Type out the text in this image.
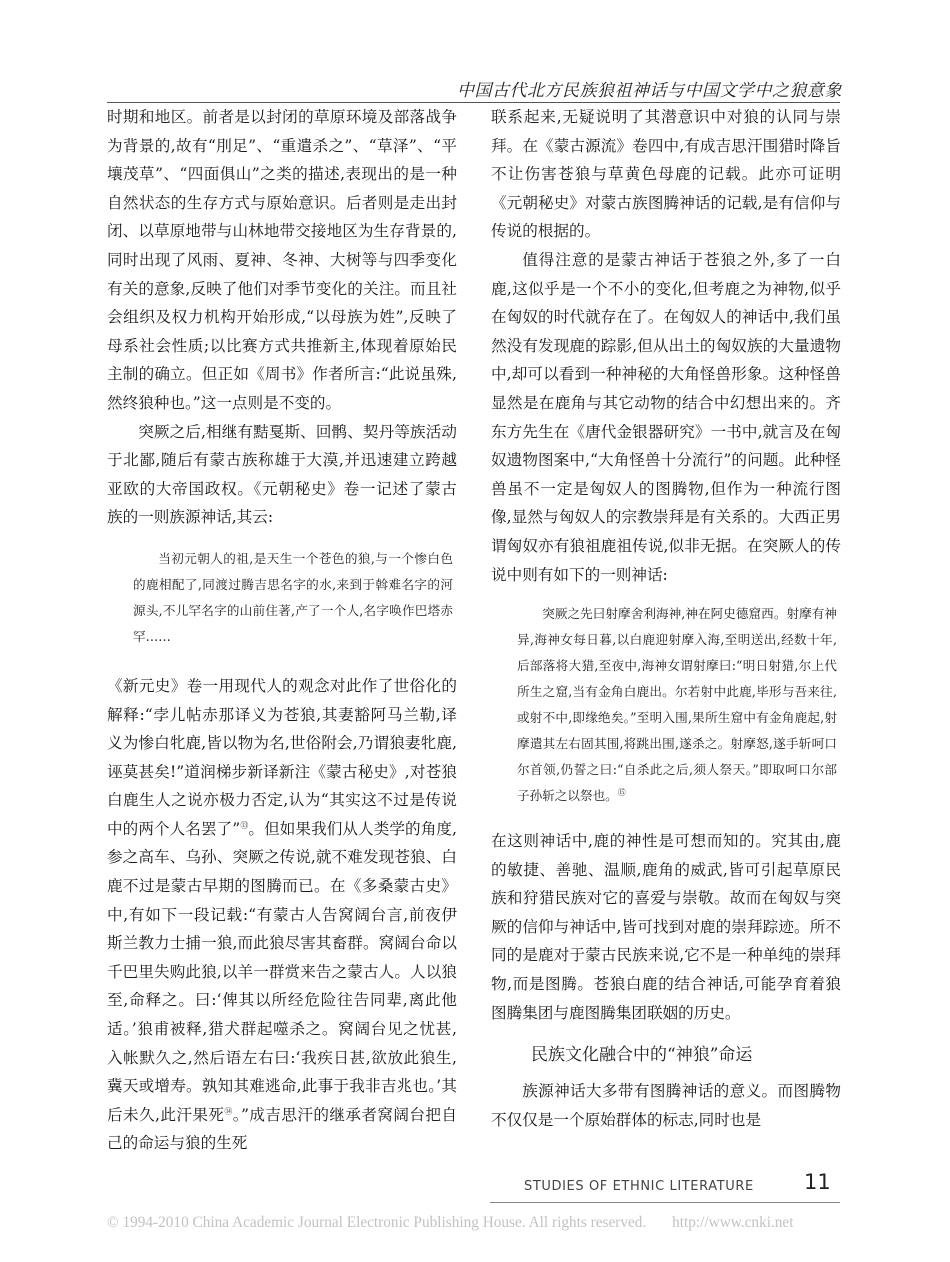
中国古代北方民族狼祖神话与中国文学中之狼意象

时期和地区。前者是以封闭的草原环境及部落战争为背景的,故有“刖足”、“重遣杀之”、“草泽”、“平壤茂草”、“四面俱山”之类的描述,表现出的是一种自然状态的生存方式与原始意识。后者则是走出封闭、以草原地带与山林地带交接地区为生存背景的,同时出现了风雨、夏神、冬神、大树等与四季变化有关的意象,反映了他们对季节变化的关注。而且社会组织及权力机构开始形成,“以母族为姓”,反映了母系社会性质;以比赛方式共推新主,体现着原始民主制的确立。但正如《周书》作者所言:“此说虽殊,然终狼种也。”这一点则是不变的。

突厥之后,相继有黠戛斯、回鹘、契丹等族活动于北鄙,随后有蒙古族称雄于大漠,并迅速建立跨越亚欧的大帝国政权。《元朝秘史》卷一记述了蒙古族的一则族源神话,其云:

当初元朝人的祖,是天生一个苍色的狼,与一个惨白色的鹿相配了,同渡过腾吉思名字的水,来到于斡难名字的河源头,不儿罕名字的山前住著,产了一个人,名字唤作巴塔赤罕……

《新元史》卷一用现代人的观念对此作了世俗化的解释:“孛儿帖赤那译义为苍狼,其妻豁阿马兰勒,译义为惨白牝鹿,皆以物为名,世俗附会,乃谓狼妻牝鹿,诬莫甚矣!”道润梯步新译新注《蒙古秘史》,对苍狼白鹿生人之说亦极力否定,认为“其实这不过是传说中的两个人名罢了”⑬。但如果我们从人类学的角度,参之高车、乌孙、突厥之传说,就不难发现苍狼、白鹿不过是蒙古早期的图腾而已。在《多桑蒙古史》中,有如下一段记载:“有蒙古人告窝阔台言,前夜伊斯兰教力士捕一狼,而此狼尽害其畜群。窝阔台命以千巴里失购此狼,以羊一群赏来告之蒙古人。人以狼至,命释之。曰:‘俾其以所经危险往告同辈,离此他适。’狼甫被释,猎犬群起噬杀之。窝阔台见之忧甚,入帐默久之,然后语左右曰:‘我疾日甚,欲放此狼生,冀天或增寿。孰知其难逃命,此事于我非吉兆也。’其后未久,此汗果死⑭。”成吉思汗的继承者窝阔台把自己的命运与狼的生死

联系起来,无疑说明了其潜意识中对狼的认同与崇拜。在《蒙古源流》卷四中,有成吉思汗围猎时降旨不让伤害苍狼与草黄色母鹿的记载。此亦可证明《元朝秘史》对蒙古族图腾神话的记载,是有信仰与传说的根据的。

值得注意的是蒙古神话于苍狼之外,多了一白鹿,这似乎是一个不小的变化,但考鹿之为神物,似乎在匈奴的时代就存在了。在匈奴人的神话中,我们虽然没有发现鹿的踪影,但从出土的匈奴族的大量遗物中,却可以看到一种神秘的大角怪兽形象。这种怪兽显然是在鹿角与其它动物的结合中幻想出来的。齐东方先生在《唐代金银器研究》一书中,就言及在匈奴遗物图案中,“大角怪兽十分流行”的问题。此种怪兽虽不一定是匈奴人的图腾物,但作为一种流行图像,显然与匈奴人的宗教崇拜是有关系的。大西正男谓匈奴亦有狼祖鹿祖传说,似非无据。在突厥人的传说中则有如下的一则神话:

突厥之先曰射摩舍利海神,神在阿史德窟西。射摩有神异,海神女每日暮,以白鹿迎射摩入海,至明送出,经数十年,后部落将大猎,至夜中,海神女谓射摩曰:“明日射猎,尔上代所生之窟,当有金角白鹿出。尔若射中此鹿,毕形与吾来往,或射不中,即缘绝矣。”至明入围,果所生窟中有金角鹿起,射摩遣其左右固其围,将跳出围,遂杀之。射摩怒,遂手斩呵口尔首领,仍誓之曰:“自杀此之后,须人祭天。”即取呵口尔部子孙斩之以祭也。⑮

在这则神话中,鹿的神性是可想而知的。究其由,鹿的敏捷、善驰、温顺,鹿角的威武,皆可引起草原民族和狩猎民族对它的喜爱与崇敬。故而在匈奴与突厥的信仰与神话中,皆可找到对鹿的崇拜踪迹。所不同的是鹿对于蒙古民族来说,它不是一种单纯的崇拜物,而是图腾。苍狼白鹿的结合神话,可能孕育着狼图腾集团与鹿图腾集团联姻的历史。

民族文化融合中的“神狼”命运

族源神话大多带有图腾神话的意义。而图腾物不仅仅是一个原始群体的标志,同时也是

STUDIES OF ETHNIC LITERATURE 11
© 1994-2010 China Academic Journal Electronic Publishing House. All rights reserved. http://www.cnki.net
